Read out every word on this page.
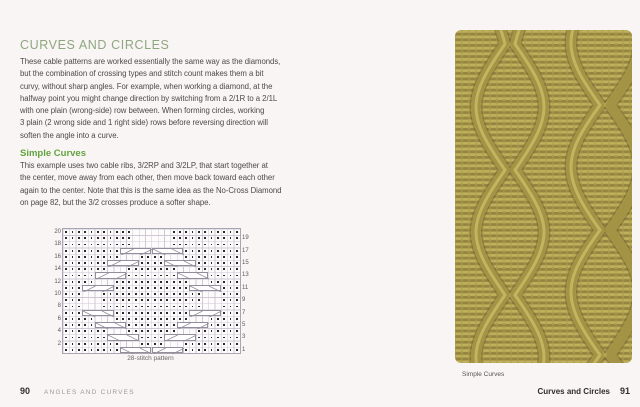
CURVES AND CIRCLES
These cable patterns are worked essentially the same way as the diamonds,
but the combination of crossing types and stitch count makes them a bit
curvy, without sharp angles. For example, when working a diamond, at the
halfway point you might change direction by switching from a 2/1R to a 2/1L
with one plain (wrong-side) row between. When forming circles, working
3 plain (2 wrong side and 1 right side) rows before reversing direction will
soften the angle into a curve.
Simple Curves
This example uses two cable ribs, 3/2RP and 3/2LP, that start together at
the center, move away from each other, then move back toward each other
again to the center. Note that this is the same idea as the No-Cross Diamond
on page 82, but the 3/2 crosses produce a softer shape.
20
19
18
17
16
15
14
13
12
11
10
9
8
7
6
5
4
3
2
1
28-stitch pattern
90 ANGLES AND CURVES
Simple Curves
Curves and Circles 91
